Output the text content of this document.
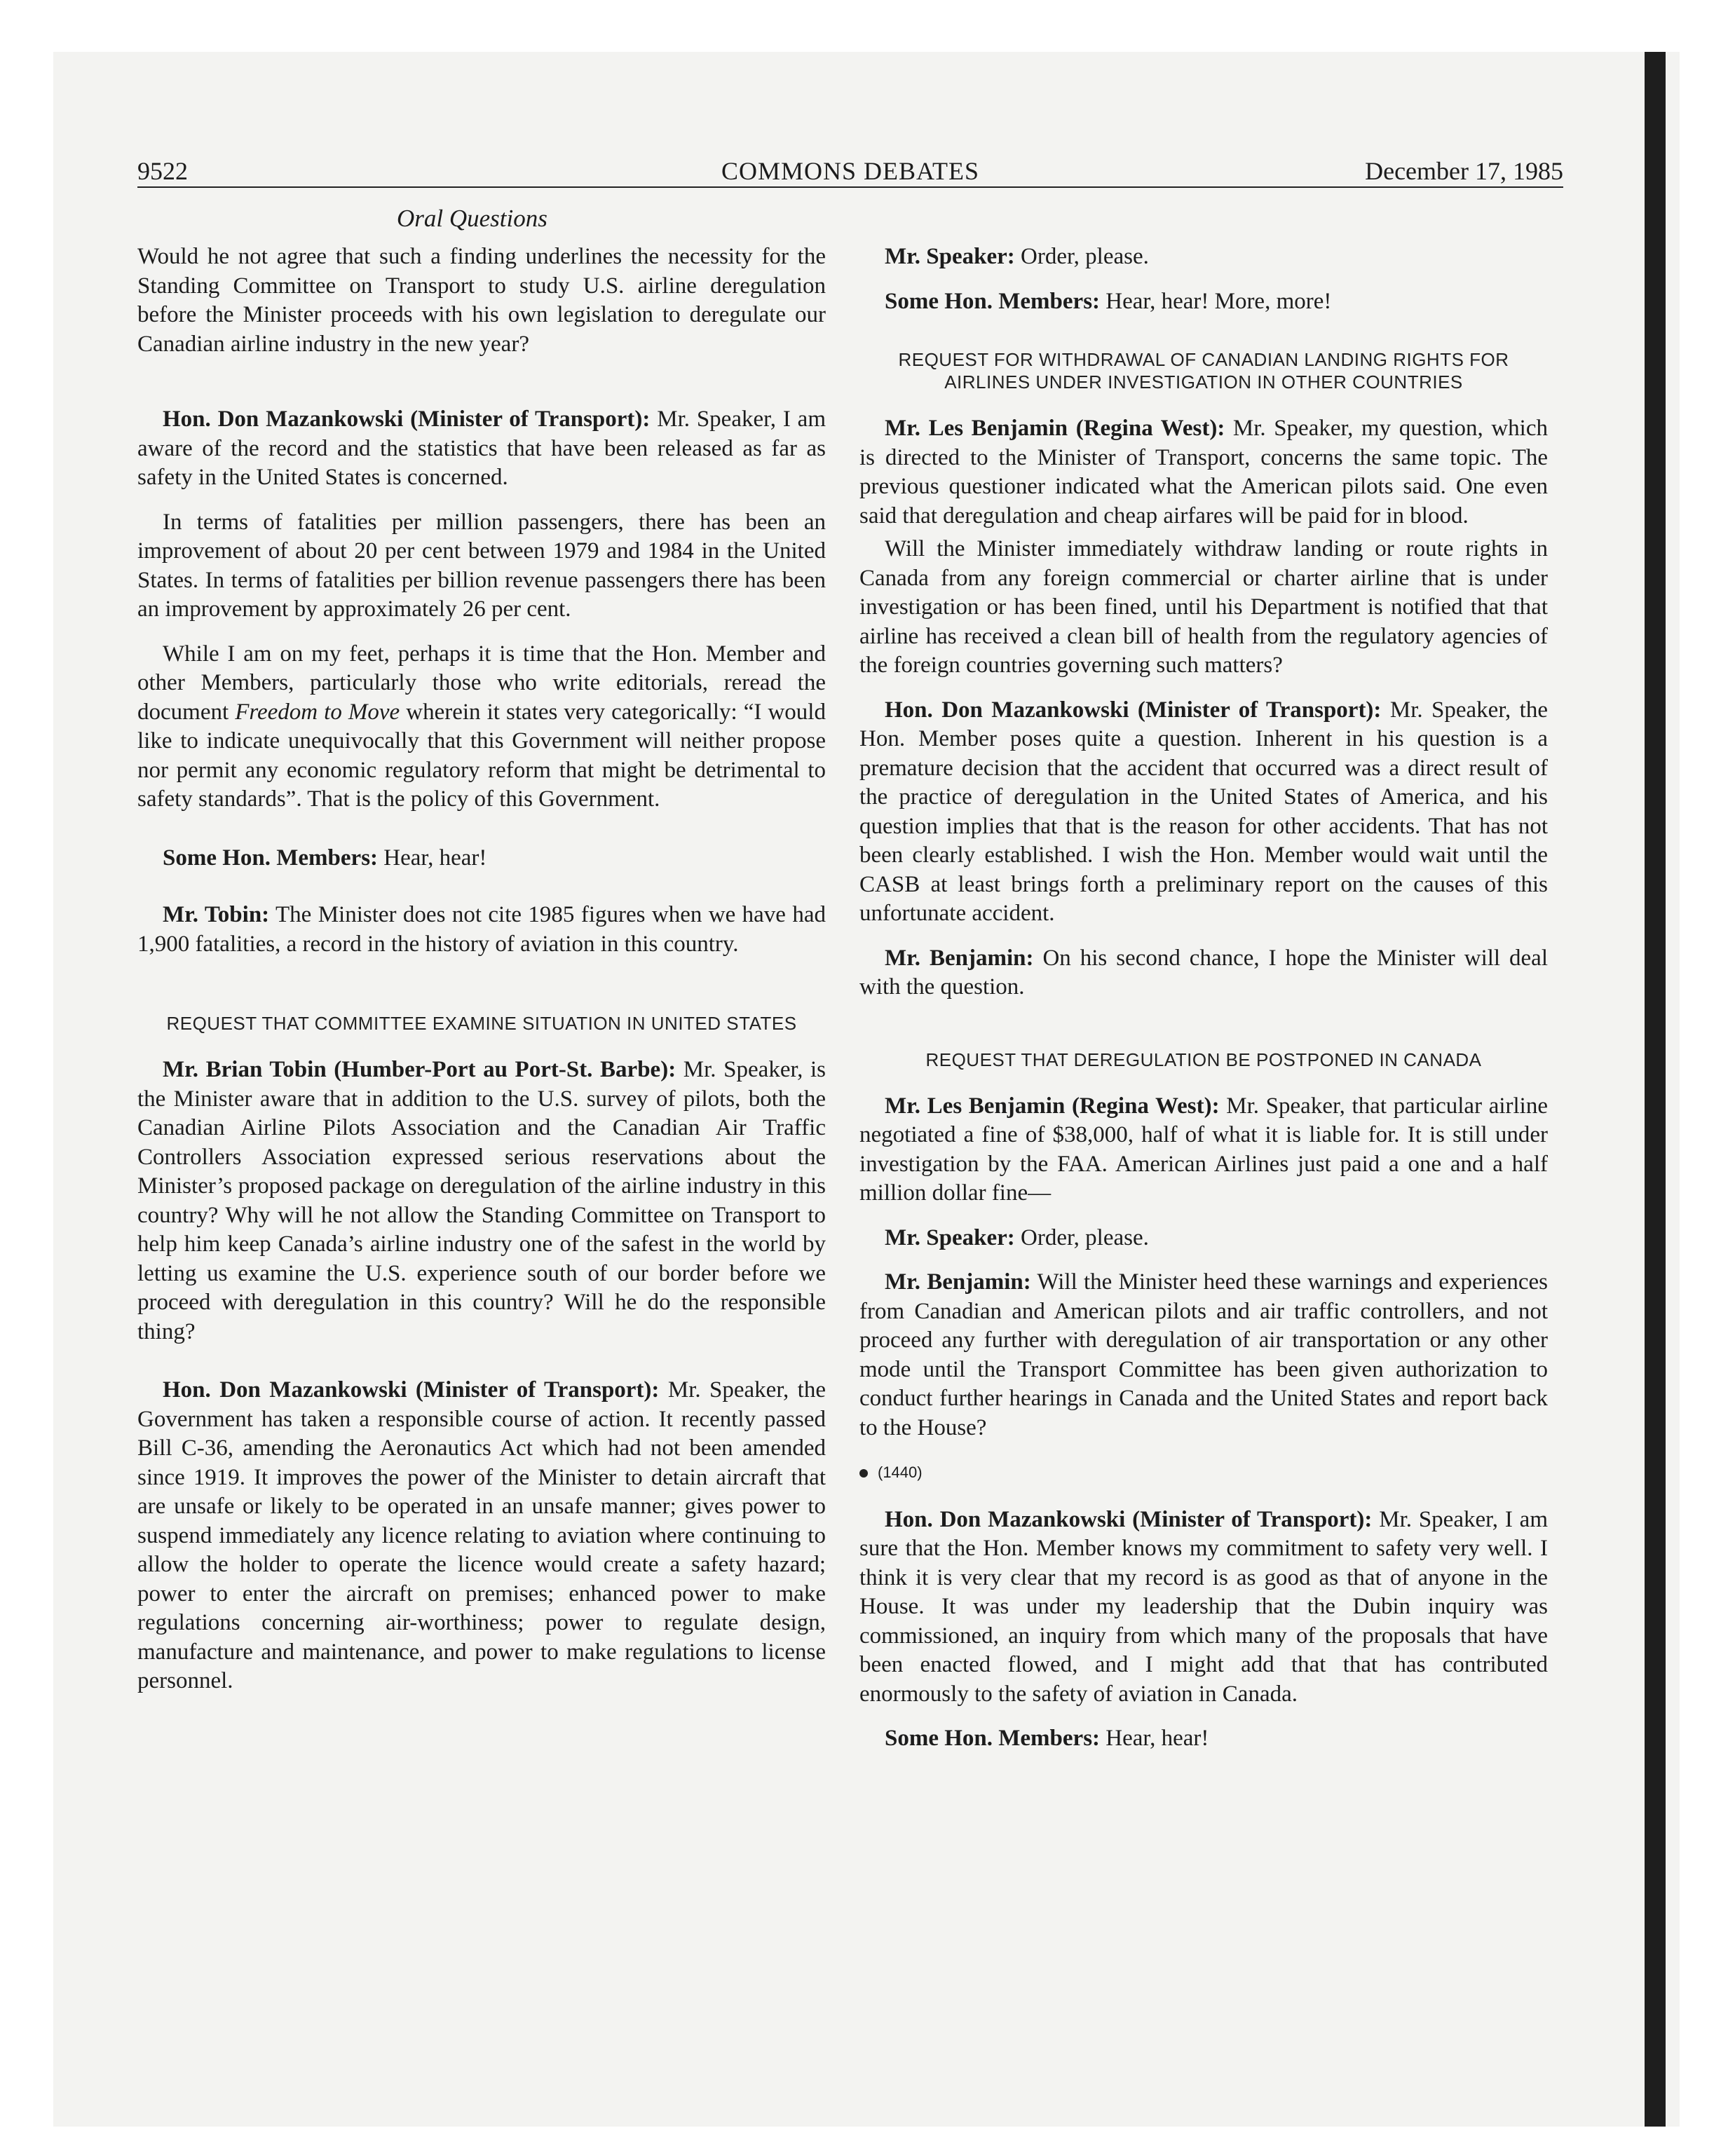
9522	COMMONS DEBATES	December 17, 1985
Oral Questions

Would he not agree that such a finding underlines the necessity for the Standing Committee on Transport to study U.S. airline deregulation before the Minister proceeds with his own legislation to deregulate our Canadian airline industry in the new year?

Hon. Don Mazankowski (Minister of Transport): Mr. Speaker, I am aware of the record and the statistics that have been released as far as safety in the United States is concerned.

In terms of fatalities per million passengers, there has been an improvement of about 20 per cent between 1979 and 1984 in the United States. In terms of fatalities per billion revenue passengers there has been an improvement by approximately 26 per cent.

While I am on my feet, perhaps it is time that the Hon. Member and other Members, particularly those who write editorials, reread the document Freedom to Move wherein it states very categorically: “I would like to indicate unequivocally that this Government will neither propose nor permit any economic regulatory reform that might be detrimental to safety standards”. That is the policy of this Government.

Some Hon. Members: Hear, hear!

Mr. Tobin: The Minister does not cite 1985 figures when we have had 1,900 fatalities, a record in the history of aviation in this country.

REQUEST THAT COMMITTEE EXAMINE SITUATION IN UNITED STATES

Mr. Brian Tobin (Humber-Port au Port-St. Barbe): Mr. Speaker, is the Minister aware that in addition to the U.S. survey of pilots, both the Canadian Airline Pilots Association and the Canadian Air Traffic Controllers Association expressed serious reservations about the Minister’s proposed package on deregulation of the airline industry in this country? Why will he not allow the Standing Committee on Transport to help him keep Canada’s airline industry one of the safest in the world by letting us examine the U.S. experience south of our border before we proceed with deregulation in this country? Will he do the responsible thing?

Hon. Don Mazankowski (Minister of Transport): Mr. Speaker, the Government has taken a responsible course of action. It recently passed Bill C-36, amending the Aeronautics Act which had not been amended since 1919. It improves the power of the Minister to detain aircraft that are unsafe or likely to be operated in an unsafe manner; gives power to suspend immediately any licence relating to aviation where continuing to allow the holder to operate the licence would create a safety hazard; power to enter the aircraft on premises; enhanced power to make regulations concerning air-worthiness; power to regulate design, manufacture and maintenance, and power to make regulations to license personnel.

Mr. Speaker: Order, please.

Some Hon. Members: Hear, hear! More, more!

REQUEST FOR WITHDRAWAL OF CANADIAN LANDING RIGHTS FOR AIRLINES UNDER INVESTIGATION IN OTHER COUNTRIES

Mr. Les Benjamin (Regina West): Mr. Speaker, my question, which is directed to the Minister of Transport, concerns the same topic. The previous questioner indicated what the American pilots said. One even said that deregulation and cheap airfares will be paid for in blood.

Will the Minister immediately withdraw landing or route rights in Canada from any foreign commercial or charter airline that is under investigation or has been fined, until his Department is notified that that airline has received a clean bill of health from the regulatory agencies of the foreign countries governing such matters?

Hon. Don Mazankowski (Minister of Transport): Mr. Speaker, the Hon. Member poses quite a question. Inherent in his question is a premature decision that the accident that occurred was a direct result of the practice of deregulation in the United States of America, and his question implies that that is the reason for other accidents. That has not been clearly established. I wish the Hon. Member would wait until the CASB at least brings forth a preliminary report on the causes of this unfortunate accident.

Mr. Benjamin: On his second chance, I hope the Minister will deal with the question.

REQUEST THAT DEREGULATION BE POSTPONED IN CANADA

Mr. Les Benjamin (Regina West): Mr. Speaker, that particular airline negotiated a fine of $38,000, half of what it is liable for. It is still under investigation by the FAA. American Airlines just paid a one and a half million dollar fine—

Mr. Speaker: Order, please.

Mr. Benjamin: Will the Minister heed these warnings and experiences from Canadian and American pilots and air traffic controllers, and not proceed any further with deregulation of air transportation or any other mode until the Transport Committee has been given authorization to conduct further hearings in Canada and the United States and report back to the House?

(1440)

Hon. Don Mazankowski (Minister of Transport): Mr. Speaker, I am sure that the Hon. Member knows my commitment to safety very well. I think it is very clear that my record is as good as that of anyone in the House. It was under my leadership that the Dubin inquiry was commissioned, an inquiry from which many of the proposals that have been enacted flowed, and I might add that that has contributed enormously to the safety of aviation in Canada.

Some Hon. Members: Hear, hear!
